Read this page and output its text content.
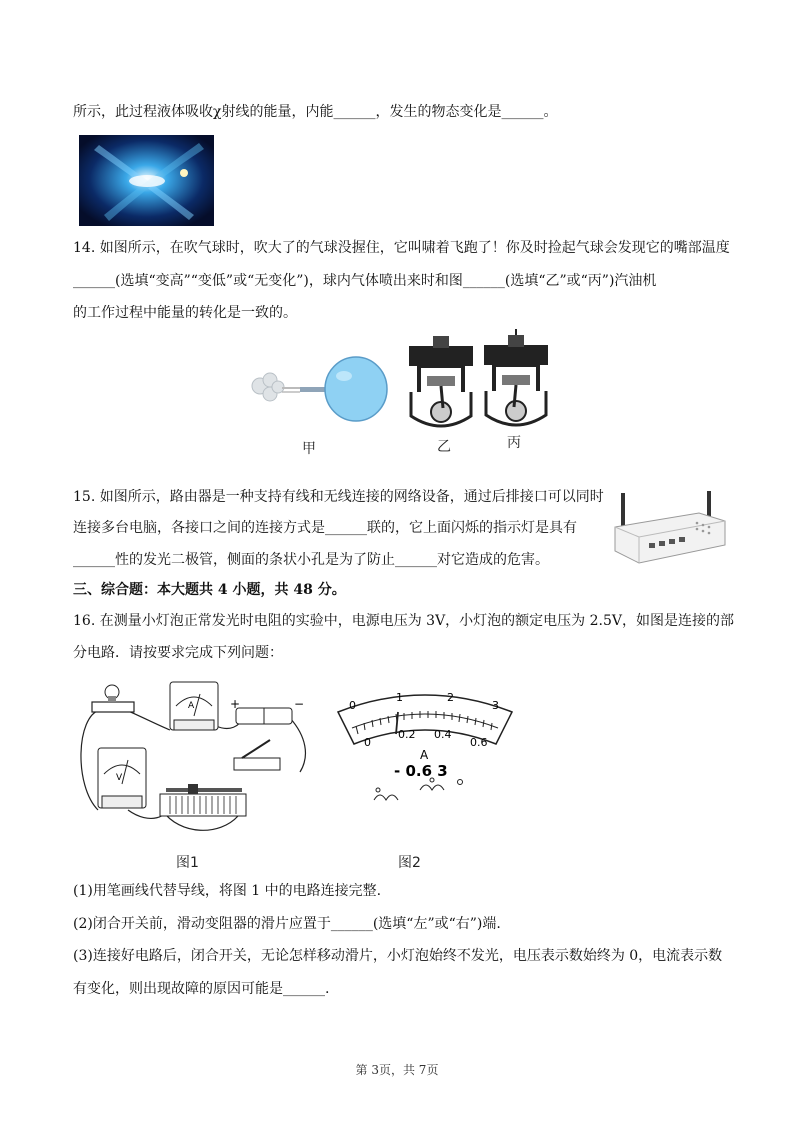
所示，此过程液体吸收χ射线的能量，内能______，发生的物态变化是______。
14. 如图所示，在吹气球时，吹大了的气球没握住，它叫啸着飞跑了！你及时捡起气球会发现它的嘴部温度
______(选填“变高”“变低”或“无变化”)，球内气体喷出来时和图______(选填“乙”或“丙”)汽油机
的工作过程中能量的转化是一致的。
甲	乙	丙
15. 如图所示，路由器是一种支持有线和无线连接的网络设备，通过后排接口可以同时
连接多台电脑，各接口之间的连接方式是______联的，它上面闪烁的指示灯是具有
______性的发光二极管，侧面的条状小孔是为了防止______对它造成的危害。
三、综合题：本大题共 4 小题，共 48 分。
16. 在测量小灯泡正常发光时电阻的实验中，电源电压为 3V，小灯泡的额定电压为 2.5V，如图是连接的部
分电路．请按要求完成下列问题：
A	+	−
V
图1
0
1	2
3
0
0.2 0.4
0.6
A
- 0.6 3
图2
(1)用笔画线代替导线，将图 1 中的电路连接完整.
(2)闭合开关前，滑动变阻器的滑片应置于______(选填“左”或“右”)端.
(3)连接好电路后，闭合开关，无论怎样移动滑片，小灯泡始终不发光，电压表示数始终为 0，电流表示数
有变化，则出现故障的原因可能是______.
第 3页，共 7页
